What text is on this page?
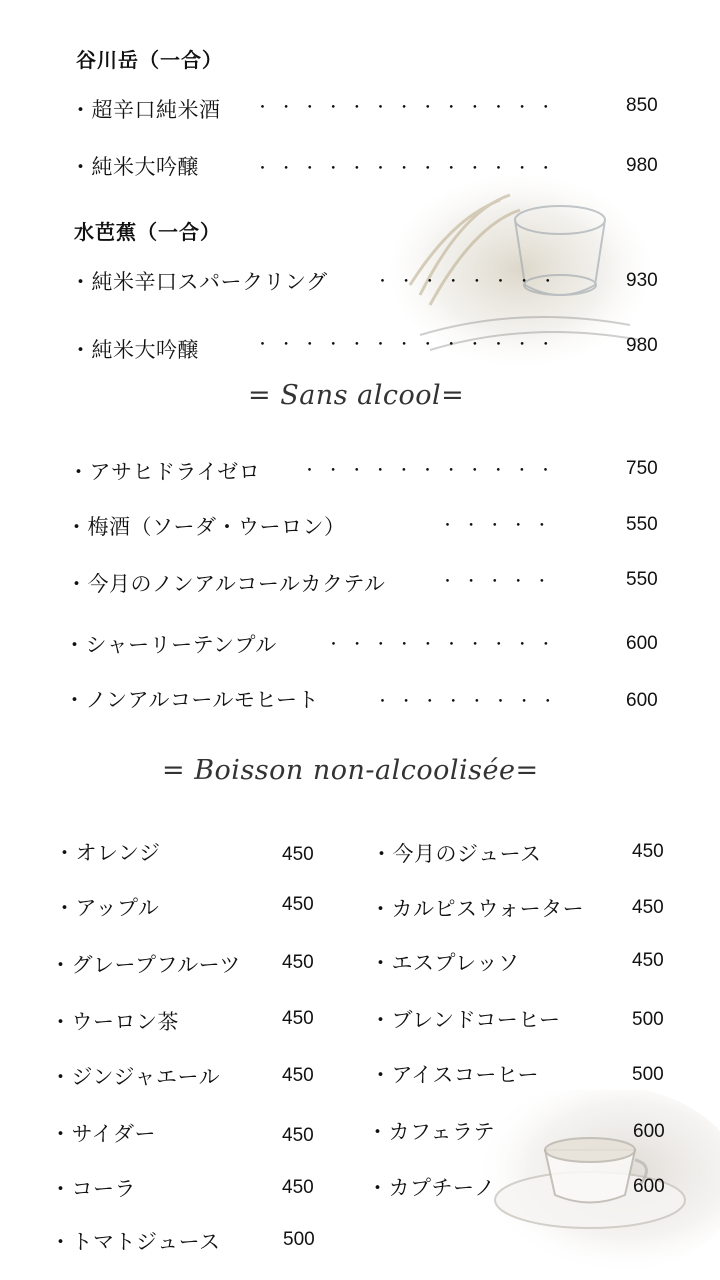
谷川岳（一合）
・超辛口純米酒 ・・・・・・・・・・・・・	850
・純米大吟醸	・・・・・・・・・・・・・	980
水芭蕉（一合）
・純米辛口スパークリング	・・・・・・・・	930
・純米大吟醸	・・・・・・・・・・・・・	980
= Sans alcool=
・アサヒドライゼロ	・・・・・・・・・・・	750
・梅酒（ソーダ・ウーロン）	・・・・・	550
・今月のノンアルコールカクテル	・・・・・	550
・シャーリーテンプル	・・・・・・・・・・	600
・ノンアルコールモヒート	・・・・・・・・	600
= Boisson non-alcoolisée=
・オレンジ	450
・アップル	450
・グレープフルーツ 450
・ウーロン茶	450
・ジンジャエール	450
・サイダー	450
・コーラ	450
・トマトジュース	500
・今月のジュース	450
・カルピスウォーター	450
・エスプレッソ	450
・ブレンドコーヒー	500
・アイスコーヒー	500
・カフェラテ	600
・カプチーノ	600
